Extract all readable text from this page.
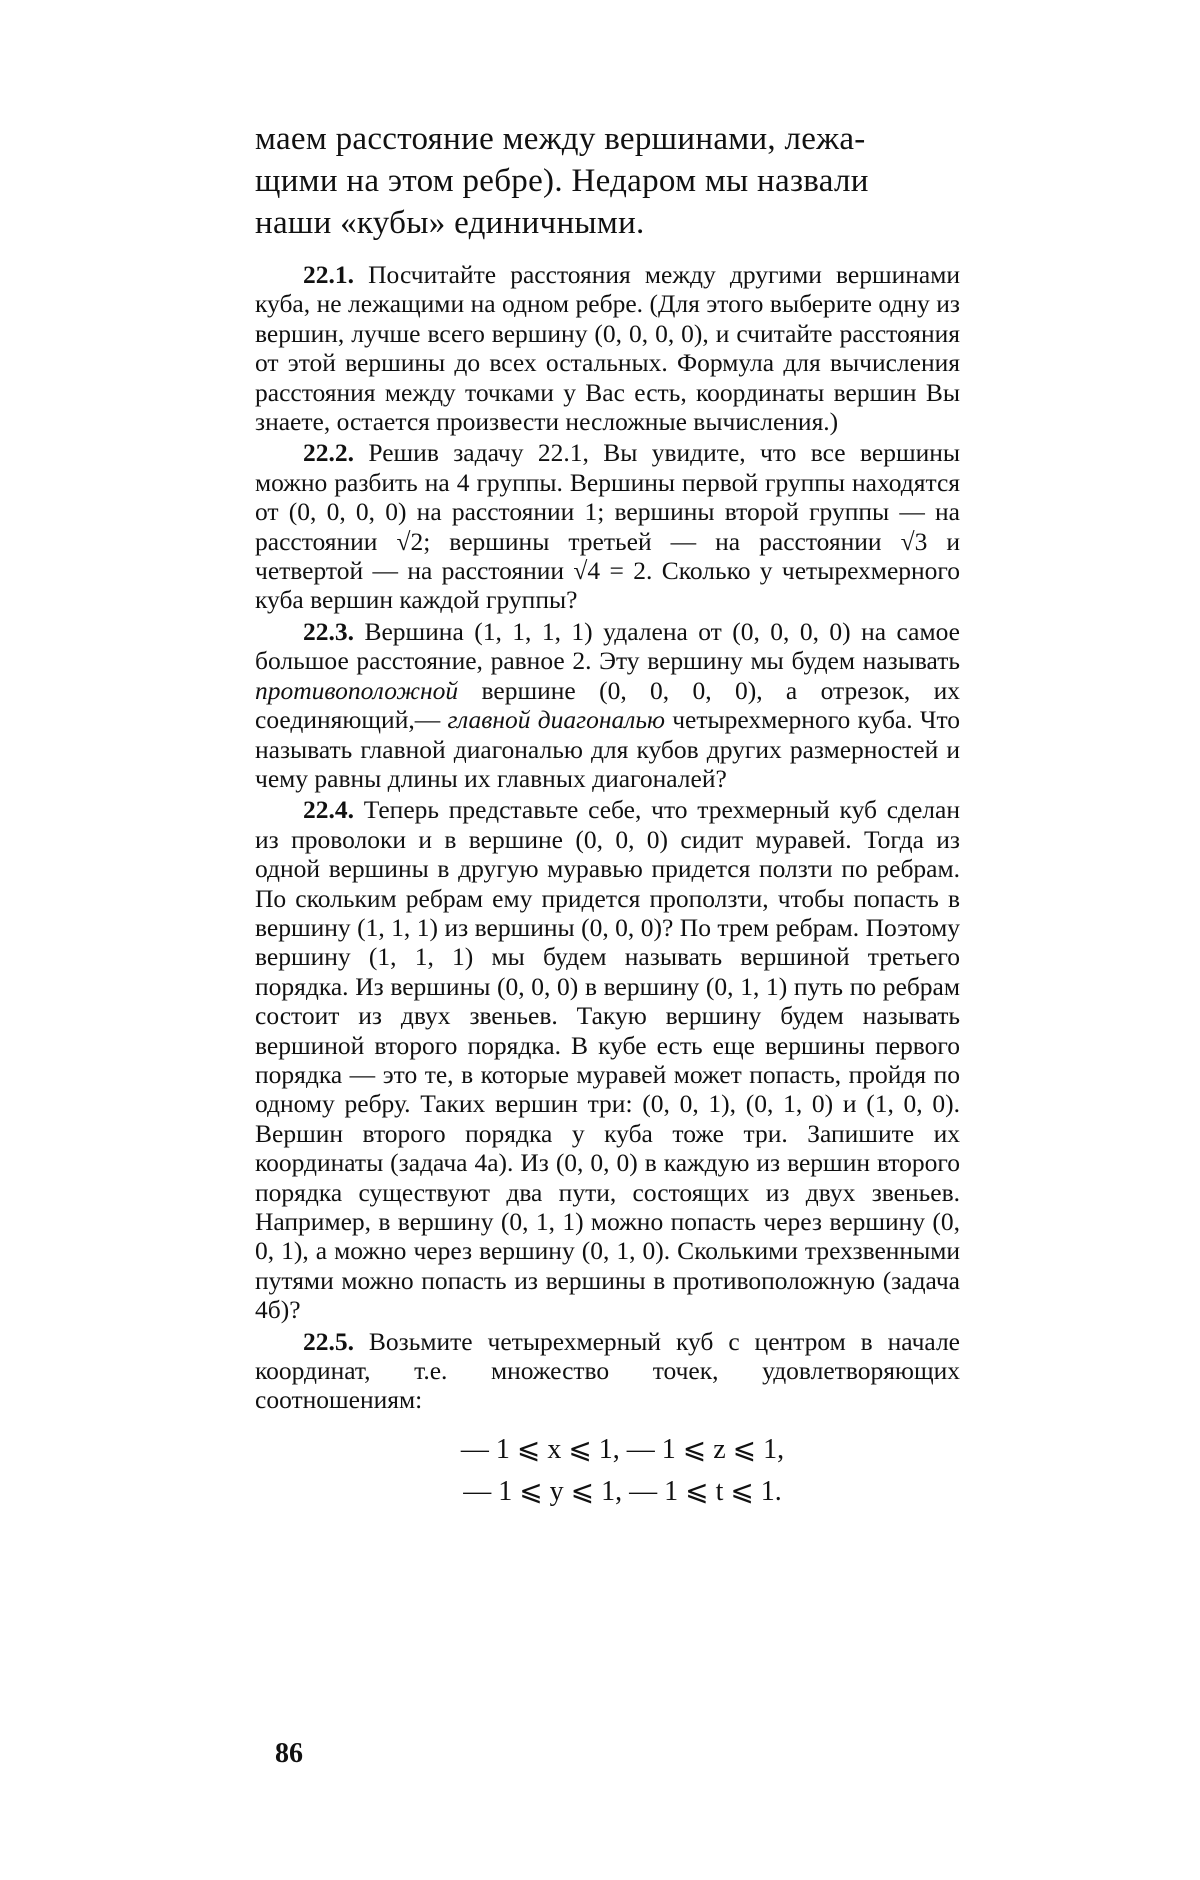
маем расстояние между вершинами, лежа-
щими на этом ребре). Недаром мы назвали
наши «кубы» единичными.

22.1. Посчитайте расстояния между другими вершинами куба, не лежащими на одном ребре. (Для этого выберите одну из вершин, лучше всего вершину (0, 0, 0, 0), и считайте расстояния от этой вершины до всех остальных. Формула для вычисления расстояния между точками у Вас есть, координаты вершин Вы знаете, остается произвести несложные вычисления.)

22.2. Решив задачу 22.1, Вы увидите, что все вершины можно разбить на 4 группы. Вершины первой группы находятся от (0, 0, 0, 0) на расстоянии 1; вершины второй группы — на расстоянии √2; вершины третьей — на расстоянии √3 и четвертой — на расстоянии √4 = 2. Сколько у четырехмерного куба вершин каждой группы?

22.3. Вершина (1, 1, 1, 1) удалена от (0, 0, 0, 0) на самое большое расстояние, равное 2. Эту вершину мы будем называть противоположной вершине (0, 0, 0, 0), а отрезок, их соединяющий,— главной диагональю четырехмерного куба. Что называть главной диагональю для кубов других размерностей и чему равны длины их главных диагоналей?

22.4. Теперь представьте себе, что трехмерный куб сделан из проволоки и в вершине (0, 0, 0) сидит муравей. Тогда из одной вершины в другую муравью придется ползти по ребрам. По скольким ребрам ему придется проползти, чтобы попасть в вершину (1, 1, 1) из вершины (0, 0, 0)? По трем ребрам. Поэтому вершину (1, 1, 1) мы будем называть вершиной третьего порядка. Из вершины (0, 0, 0) в вершину (0, 1, 1) путь по ребрам состоит из двух звеньев. Такую вершину будем называть вершиной второго порядка. В кубе есть еще вершины первого порядка — это те, в которые муравей может попасть, пройдя по одному ребру. Таких вершин три: (0, 0, 1), (0, 1, 0) и (1, 0, 0). Вершин второго порядка у куба тоже три. Запишите их координаты (задача 4а). Из (0, 0, 0) в каждую из вершин второго порядка существуют два пути, состоящих из двух звеньев. Например, в вершину (0, 1, 1) можно попасть через вершину (0, 0, 1), а можно через вершину (0, 1, 0). Сколькими трехзвенными путями можно попасть из вершины в противоположную (задача 4б)?

22.5. Возьмите четырехмерный куб с центром в начале координат, т.е. множество точек, удовлетворяющих соотношениям:

— 1 ⩽ x ⩽ 1, — 1 ⩽ z ⩽ 1,
— 1 ⩽ y ⩽ 1, — 1 ⩽ t ⩽ 1.
86
